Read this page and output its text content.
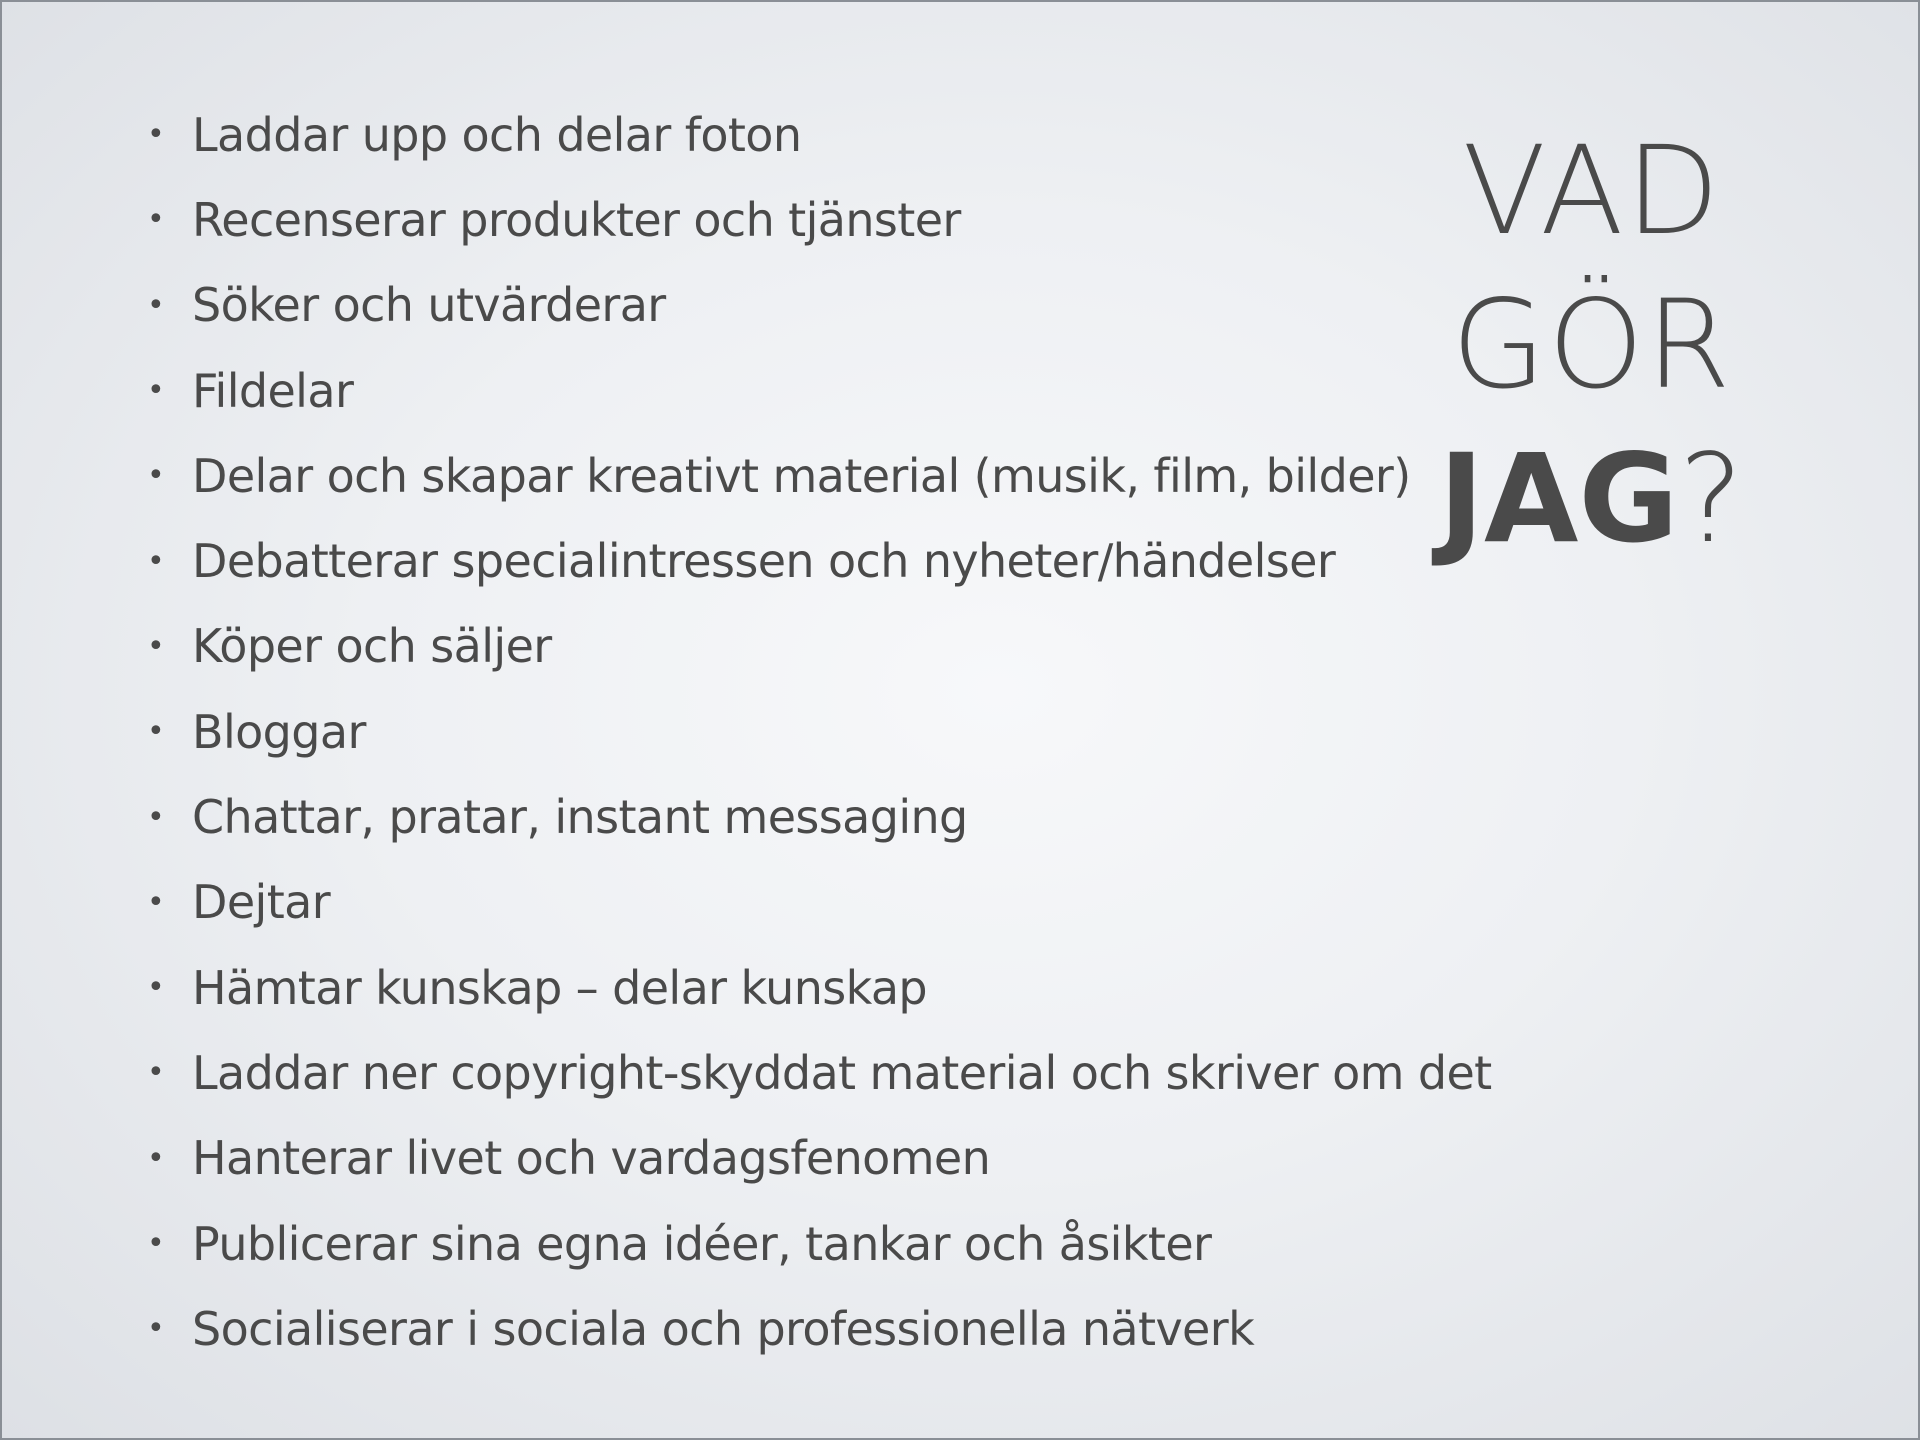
• Laddar upp och delar foton
• Recenserar produkter och tjänster
• Söker och utvärderar
• Fildelar
• Delar och skapar kreativt material (musik, film, bilder)
• Debatterar specialintressen och nyheter/händelser
• Köper och säljer
• Bloggar
• Chattar, pratar, instant messaging
• Dejtar
• Hämtar kunskap – delar kunskap
• Laddar ner copyright-skyddat material och skriver om det
• Hanterar livet och vardagsfenomen
• Publicerar sina egna idéer, tankar och åsikter
• Socialiserar i sociala och professionella nätverk
VAD
GÖR
JAG?
